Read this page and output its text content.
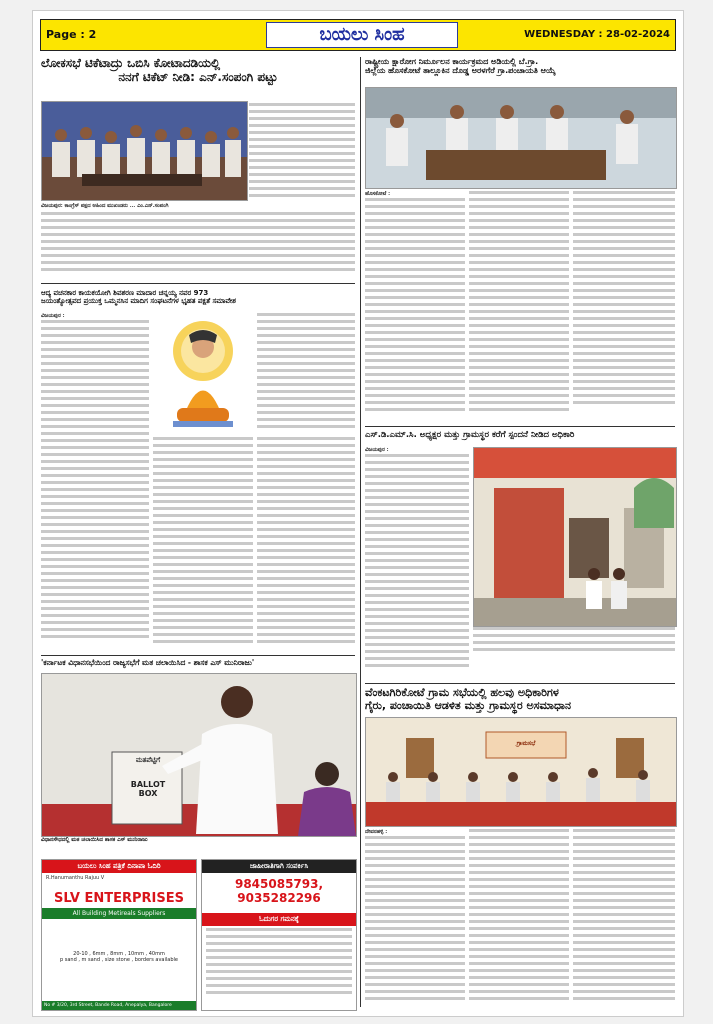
Page : 2	ಬಯಲು ಸಿಂಹ	WEDNESDAY : 28-02-2024
ಲೋಕಸಭೆ ಟಿಕೆಟಾದ್ರು ಒಬಿಸಿ ಕೋಟಾದಡಿಯಲ್ಲಿ
ನನಗೆ ಟಿಕೆಟ್ ನೀಡಿ: ಎನ್.ಸಂಪಂಗಿ ಪಟ್ಟು
ವಿಜಯಪುರ: ಕಾಂಗ್ರೆಸ್ ಪಕ್ಷದ ಅಹಿಂದ ಮುಖಂಡರು ... ಎಂ.ಎನ್.ಸಂಪಂಗಿ
ಆದ್ಯ ವಚನಕಾರ ಕಾಯಕಯೋಗಿ ಶಿವಶರಣ ಮಾದಾರ ಚನ್ನಯ್ಯ ನವರ 973
ಜಯಂತ್ಯೋತ್ಸವದ ಪ್ರಯುಕ್ತ ಒಮ್ಮನಸಿನ ಮಾದಿಗ ಸಂಘಟನೆಗಳ ಭೃಹತ ಪಕ್ಷತೆ ಸಮಾವೇಶ
ವಿಜಯಪುರ :
'ಕರ್ನಾಟಕ ವಿಧಾನಸಭೆಯಿಂದ ರಾಜ್ಯಸಭೆಗೆ ಮತ ಚಲಾಯಿಸಿದ - ಶಾಸಕ ಎಸ್ ಮುನಿರಾಜು'
ಮತಪೆಟ್ಟಿಗೆ
BALLOT BOX
ವಿಧಾನಸೌಧದಲ್ಲಿ ಮತ ಚಲಾಯಿಸಿದ ಶಾಸಕ ಎಸ್ ಮುನಿರಾಜು
ಬಯಲು ಸಿಂಹ ಪತ್ರಿಕೆ ದಿನಾಪಾ ಓದಿರಿ
R.Hanumanthu Rajuu V
SLV ENTERPRISES
All Building Metireals Suppliers
20-10 , 6mm , 8mm , 10mm , 40mm
p sand , m sand , size stone , borders available
No # 3/20, 3rd Street, Bande Road, Anepalya, Bangalore
ಜಾಹೀರಾತಿಗಾಗಿ ಸಂಪರ್ಕಿಸಿ
9845085793, 9035282296
ಓದುಗರ ಗಮನಕ್ಕೆ
ರಾಷ್ಟ್ರೀಯ ಕ್ಷಾರೋಗ ನಿರ್ಮೂಲನ ಕಾರ್ಯಕ್ರಮದ ಅಡಿಯಲ್ಲಿ ಬೆ.ಗ್ರಾ.
ಜಿಲ್ಲೆಯ ಹೊಸಕೋಟೆ ತಾಲ್ಲೂಕಿನ ದೊಡ್ಡ ಅರಳಗೆರೆ ಗ್ರಾ.ಪಂಚಾಯತಿ ಆಯ್ಕೆ
ಹೊಸಕೋಟೆ :
ಎಸ್.ಡಿ.ಎಮ್.ಸಿ. ಅಧ್ಯಕ್ಷರ ಮತ್ತು ಗ್ರಾಮಸ್ಥರ ಕರೆಗೆ ಸ್ಪಂದನೆ ನೀಡಿದ ಅಧಿಕಾರಿ
ವಿಜಯಪುರ :
ವೆಂಕಟಗಿರಿಕೋಟೆ ಗ್ರಾಮ ಸಭೆಯಲ್ಲಿ ಹಲವು ಅಧಿಕಾರಿಗಳ
ಗೈರು, ಪಂಚಾಯಿತಿ ಆಡಳಿತ ಮತ್ತು ಗ್ರಾಮಸ್ಥರ ಅಸಮಾಧಾನ
ಗ್ರಾಮಸಭೆ
ದೇವನಹಳ್ಳಿ :
